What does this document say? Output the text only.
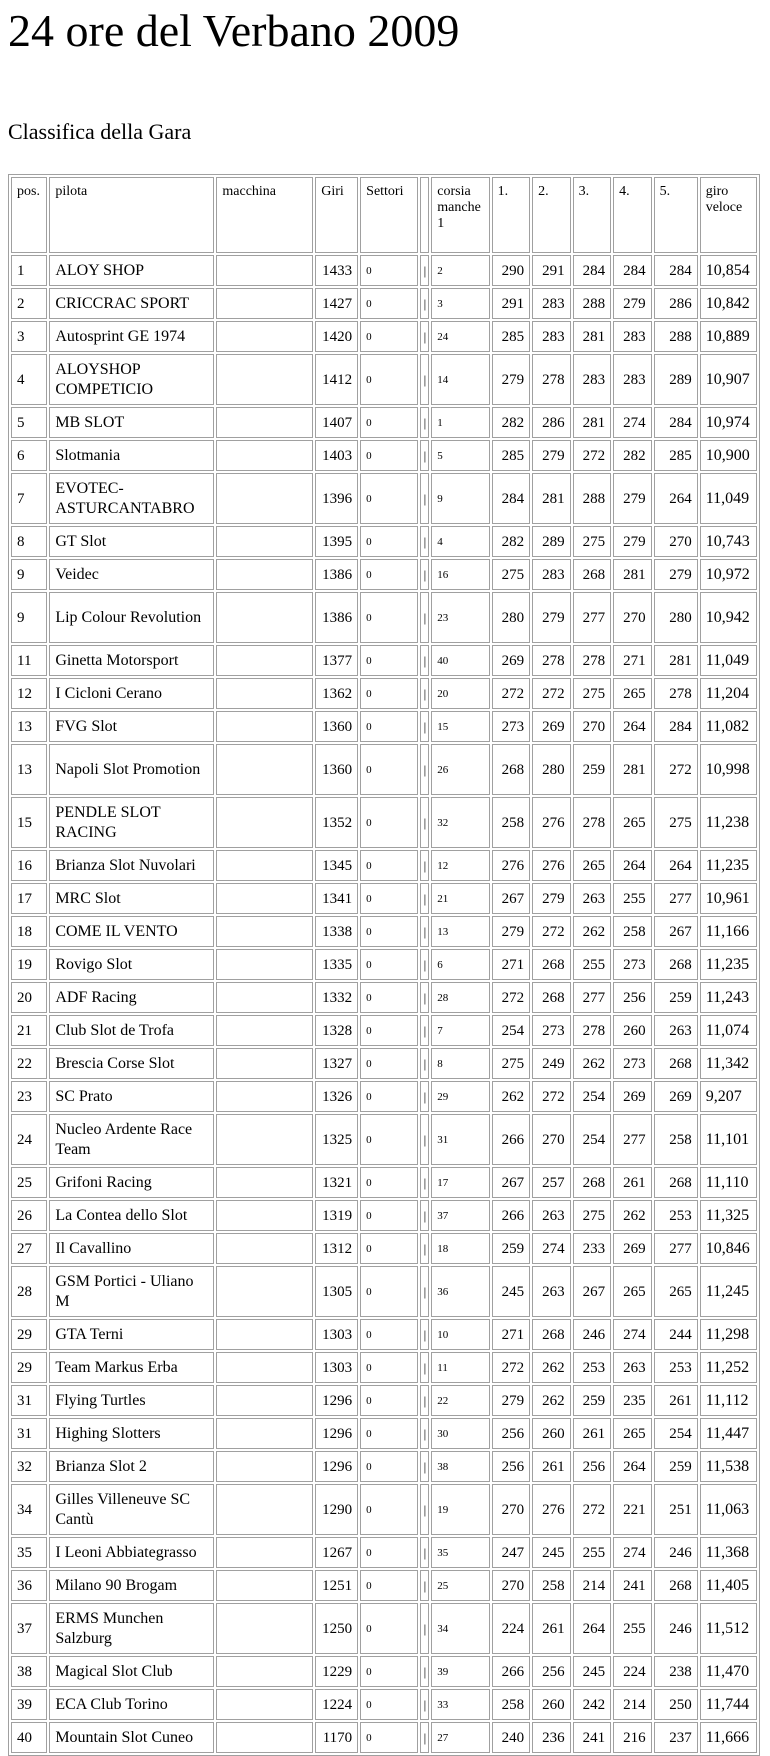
24 ore del Verbano 2009
Classifica della Gara
pos.	pilota	macchina	Giri	Settori		corsia manche 1	1.	2.	3.	4.	5.	giro veloce
1	ALOY SHOP		1433	0	|	2	290	291	284	284	284	10,854
2	CRICCRAC SPORT		1427	0	|	3	291	283	288	279	286	10,842
3	Autosprint GE 1974		1420	0	|	24	285	283	281	283	288	10,889
4	ALOYSHOP COMPETICIO		1412	0	|	14	279	278	283	283	289	10,907
5	MB SLOT		1407	0	|	1	282	286	281	274	284	10,974
6	Slotmania		1403	0	|	5	285	279	272	282	285	10,900
7	EVOTEC-ASTURCANTABRO		1396	0	|	9	284	281	288	279	264	11,049
8	GT Slot		1395	0	|	4	282	289	275	279	270	10,743
9	Veidec		1386	0	|	16	275	283	268	281	279	10,972
9	Lip Colour Revolution		1386	0	|	23	280	279	277	270	280	10,942
11	Ginetta Motorsport		1377	0	|	40	269	278	278	271	281	11,049
12	I Cicloni Cerano		1362	0	|	20	272	272	275	265	278	11,204
13	FVG Slot		1360	0	|	15	273	269	270	264	284	11,082
13	Napoli Slot Promotion		1360	0	|	26	268	280	259	281	272	10,998
15	PENDLE SLOT RACING		1352	0	|	32	258	276	278	265	275	11,238
16	Brianza Slot Nuvolari		1345	0	|	12	276	276	265	264	264	11,235
17	MRC Slot		1341	0	|	21	267	279	263	255	277	10,961
18	COME IL VENTO		1338	0	|	13	279	272	262	258	267	11,166
19	Rovigo Slot		1335	0	|	6	271	268	255	273	268	11,235
20	ADF Racing		1332	0	|	28	272	268	277	256	259	11,243
21	Club Slot de Trofa		1328	0	|	7	254	273	278	260	263	11,074
22	Brescia Corse Slot		1327	0	|	8	275	249	262	273	268	11,342
23	SC Prato		1326	0	|	29	262	272	254	269	269	9,207
24	Nucleo Ardente Race Team		1325	0	|	31	266	270	254	277	258	11,101
25	Grifoni Racing		1321	0	|	17	267	257	268	261	268	11,110
26	La Contea dello Slot		1319	0	|	37	266	263	275	262	253	11,325
27	Il Cavallino		1312	0	|	18	259	274	233	269	277	10,846
28	GSM Portici - Uliano M		1305	0	|	36	245	263	267	265	265	11,245
29	GTA Terni		1303	0	|	10	271	268	246	274	244	11,298
29	Team Markus Erba		1303	0	|	11	272	262	253	263	253	11,252
31	Flying Turtles		1296	0	|	22	279	262	259	235	261	11,112
31	Highing Slotters		1296	0	|	30	256	260	261	265	254	11,447
32	Brianza Slot 2		1296	0	|	38	256	261	256	264	259	11,538
34	Gilles Villeneuve SC Cantù		1290	0	|	19	270	276	272	221	251	11,063
35	I Leoni Abbiategrasso		1267	0	|	35	247	245	255	274	246	11,368
36	Milano 90 Brogam		1251	0	|	25	270	258	214	241	268	11,405
37	ERMS Munchen Salzburg		1250	0	|	34	224	261	264	255	246	11,512
38	Magical Slot Club		1229	0	|	39	266	256	245	224	238	11,470
39	ECA Club Torino		1224	0	|	33	258	260	242	214	250	11,744
40	Mountain Slot Cuneo		1170	0	|	27	240	236	241	216	237	11,666
